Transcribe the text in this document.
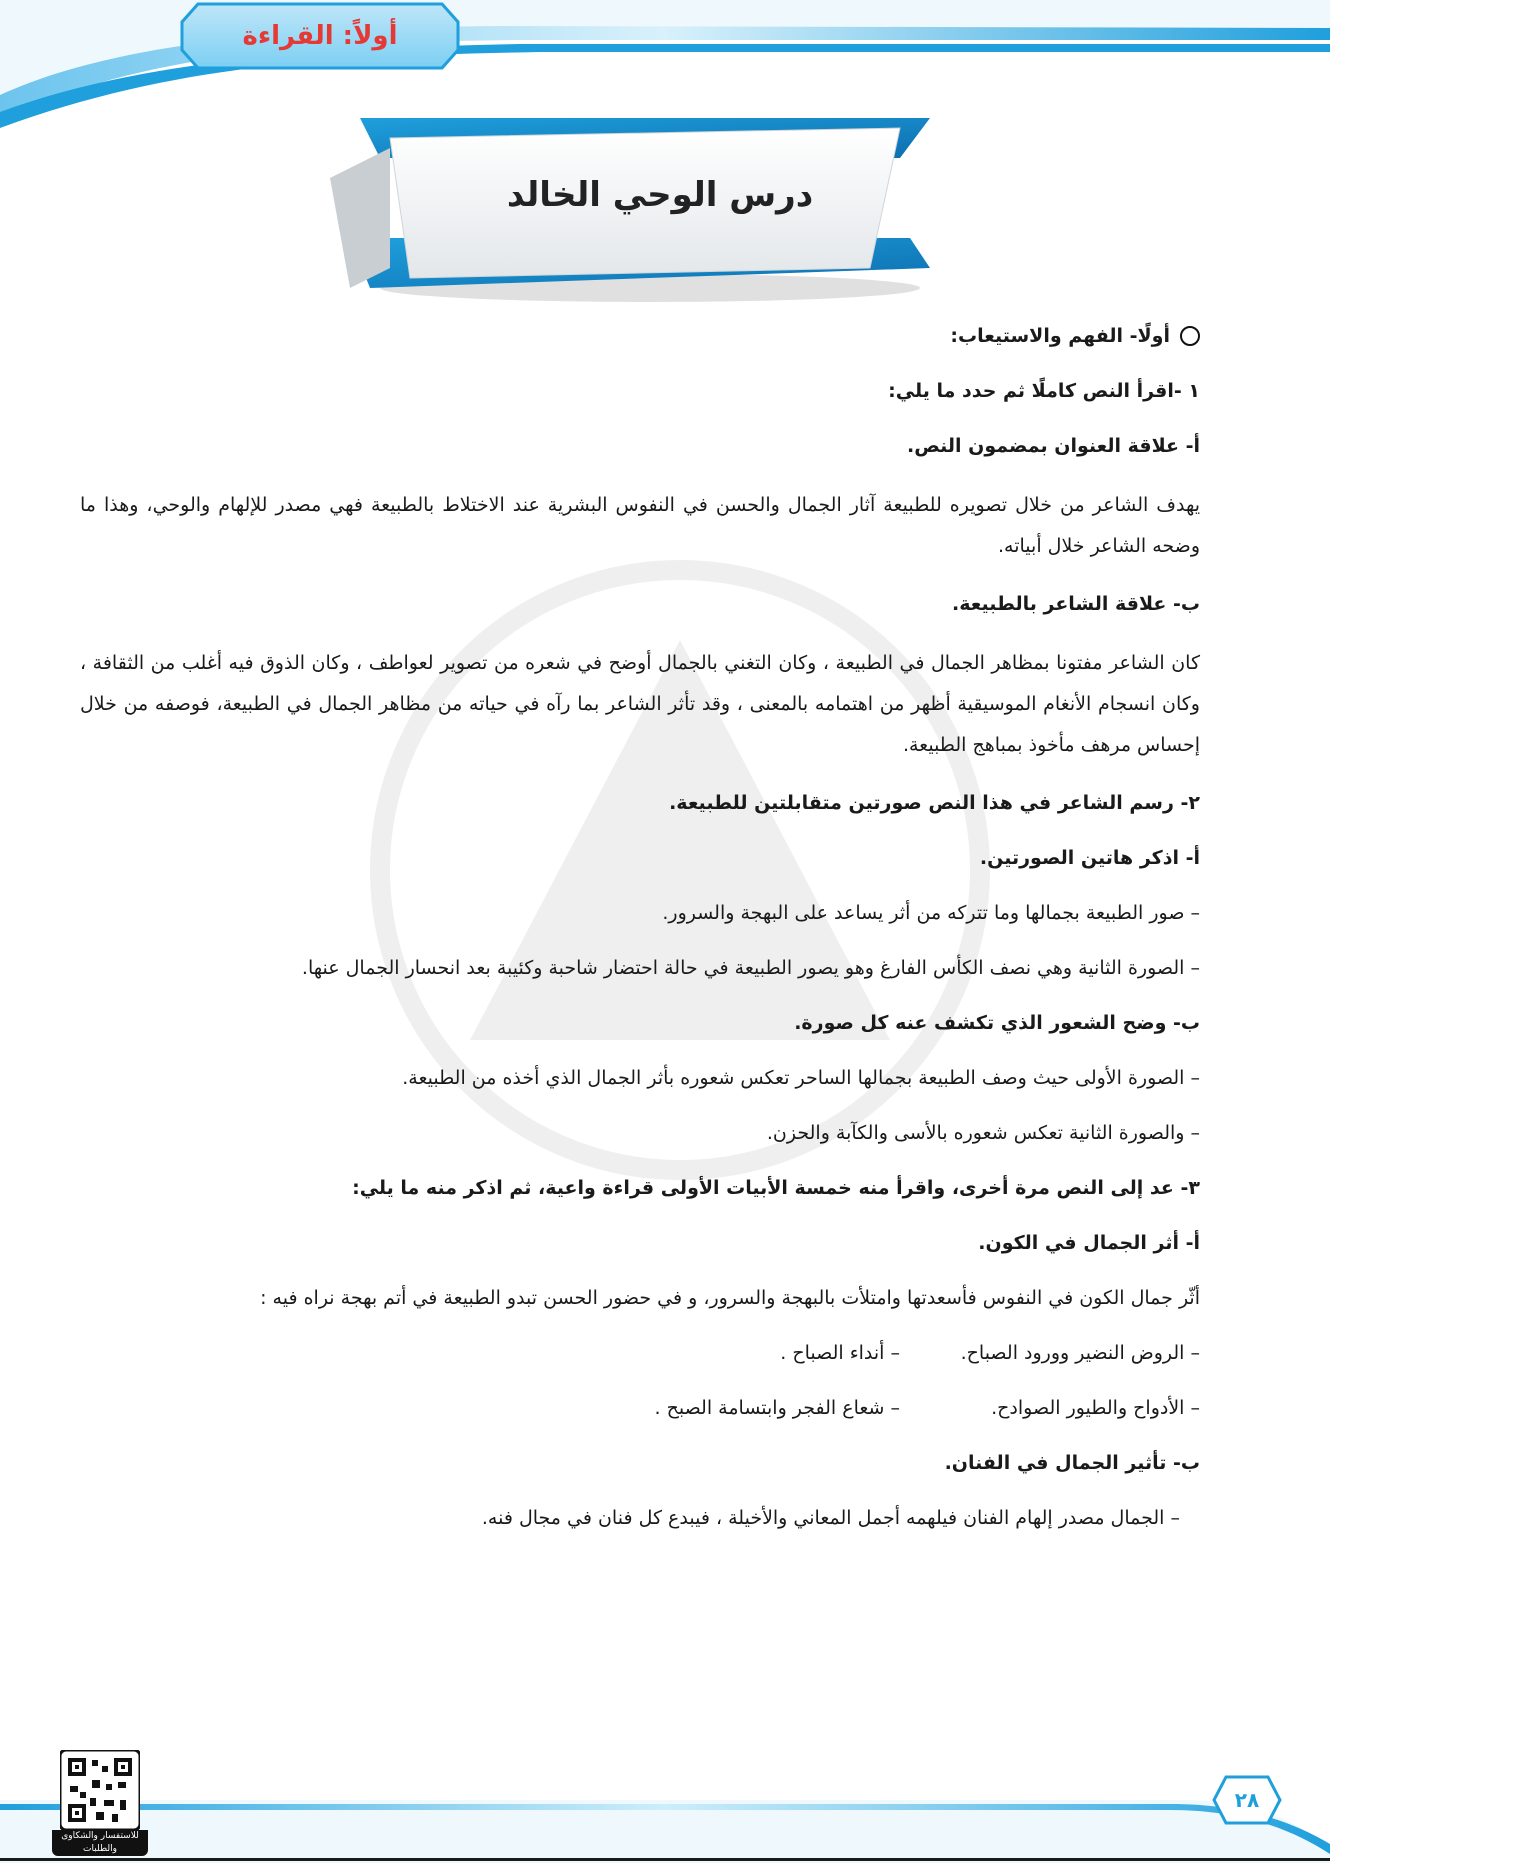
أولاً: القراءة
درس الوحي الخالد
أولًا- الفهم والاستيعاب:

١ -اقرأ النص كاملًا ثم حدد ما يلي:

أ- علاقة العنوان بمضمون النص.

يهدف الشاعر من خلال تصويره للطبيعة آثار الجمال والحسن في النفوس البشرية عند الاختلاط بالطبيعة فهي مصدر للإلهام والوحي، وهذا ما وضحه الشاعر خلال أبياته.

ب- علاقة الشاعر بالطبيعة.

كان الشاعر مفتونا بمظاهر الجمال في الطبيعة ، وكان التغني بالجمال أوضح في شعره من تصوير لعواطف ، وكان الذوق فيه أغلب من الثقافة ، وكان انسجام الأنغام الموسيقية أظهر من اهتمامه بالمعنى ، وقد تأثر الشاعر بما رآه في حياته من مظاهر الجمال في الطبيعة، فوصفه من خلال إحساس مرهف مأخوذ بمباهج الطبيعة.

٢- رسم الشاعر في هذا النص صورتين متقابلتين للطبيعة.

أ- اذكر هاتين الصورتين.

– صور الطبيعة بجمالها وما تتركه من أثر يساعد على البهجة والسرور.

– الصورة الثانية وهي نصف الكأس الفارغ وهو يصور الطبيعة في حالة احتضار شاحبة وكئيبة بعد انحسار الجمال عنها.

ب- وضح الشعور الذي تكشف عنه كل صورة.

– الصورة الأولى حيث وصف الطبيعة بجمالها الساحر تعكس شعوره بأثر الجمال الذي أخذه من الطبيعة.

– والصورة الثانية تعكس شعوره بالأسى والكآبة والحزن.

٣- عد إلى النص مرة أخرى، واقرأ منه خمسة الأبيات الأولى قراءة واعية، ثم اذكر منه ما يلي:

أ- أثر الجمال في الكون.

أثّر جمال الكون في النفوس فأسعدتها وامتلأت بالبهجة والسرور، و في حضور الحسن تبدو الطبيعة في أتم بهجة نراه فيه :

– الروض النضير وورود الصباح.
– أنداء الصباح .
– الأدواح والطيور الصوادح.
– شعاع الفجر وابتسامة الصبح .

ب- تأثير الجمال في الفنان.

– الجمال مصدر إلهام الفنان فيلهمه أجمل المعاني والأخيلة ، فيبدع كل فنان في مجال فنه.

٢٨
للاستفسار والشكاوى
والطلبات
